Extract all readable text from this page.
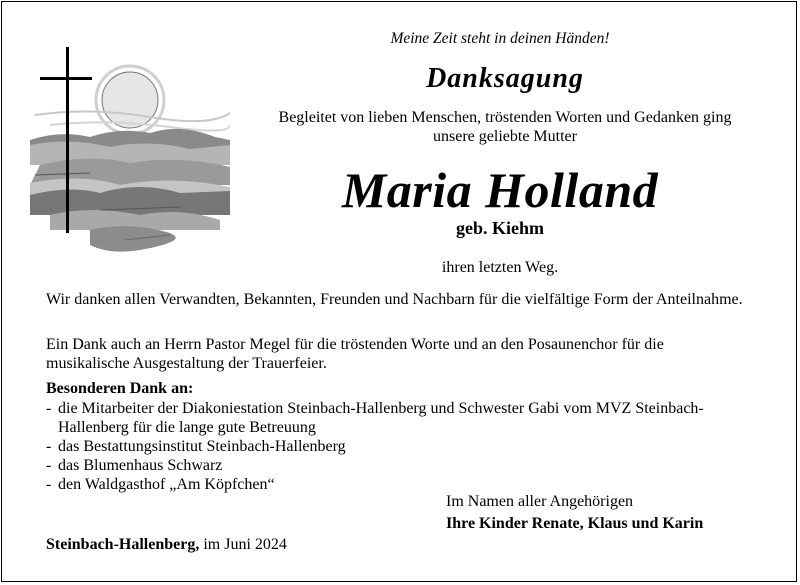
Meine Zeit steht in deinen Händen!
Danksagung
Begleitet von lieben Menschen, tröstenden Worten und Gedanken ging unsere geliebte Mutter
Maria Holland
geb. Kiehm
ihren letzten Weg.

Wir danken allen Verwandten, Bekannten, Freunden und Nachbarn für die vielfältige Form der Anteilnahme.

Ein Dank auch an Herrn Pastor Megel für die tröstenden Worte und an den Posaunenchor für die musikalische Ausgestaltung der Trauerfeier.

Besonderen Dank an:
- die Mitarbeiter der Diakoniestation Steinbach-Hallenberg und Schwester Gabi vom MVZ Steinbach-Hallenberg für die lange gute Betreuung
- das Bestattungsinstitut Steinbach-Hallenberg
- das Blumenhaus Schwarz
- den Waldgasthof „Am Köpfchen“
Im Namen aller Angehörigen
Ihre Kinder Renate, Klaus und Karin
Steinbach-Hallenberg, im Juni 2024
